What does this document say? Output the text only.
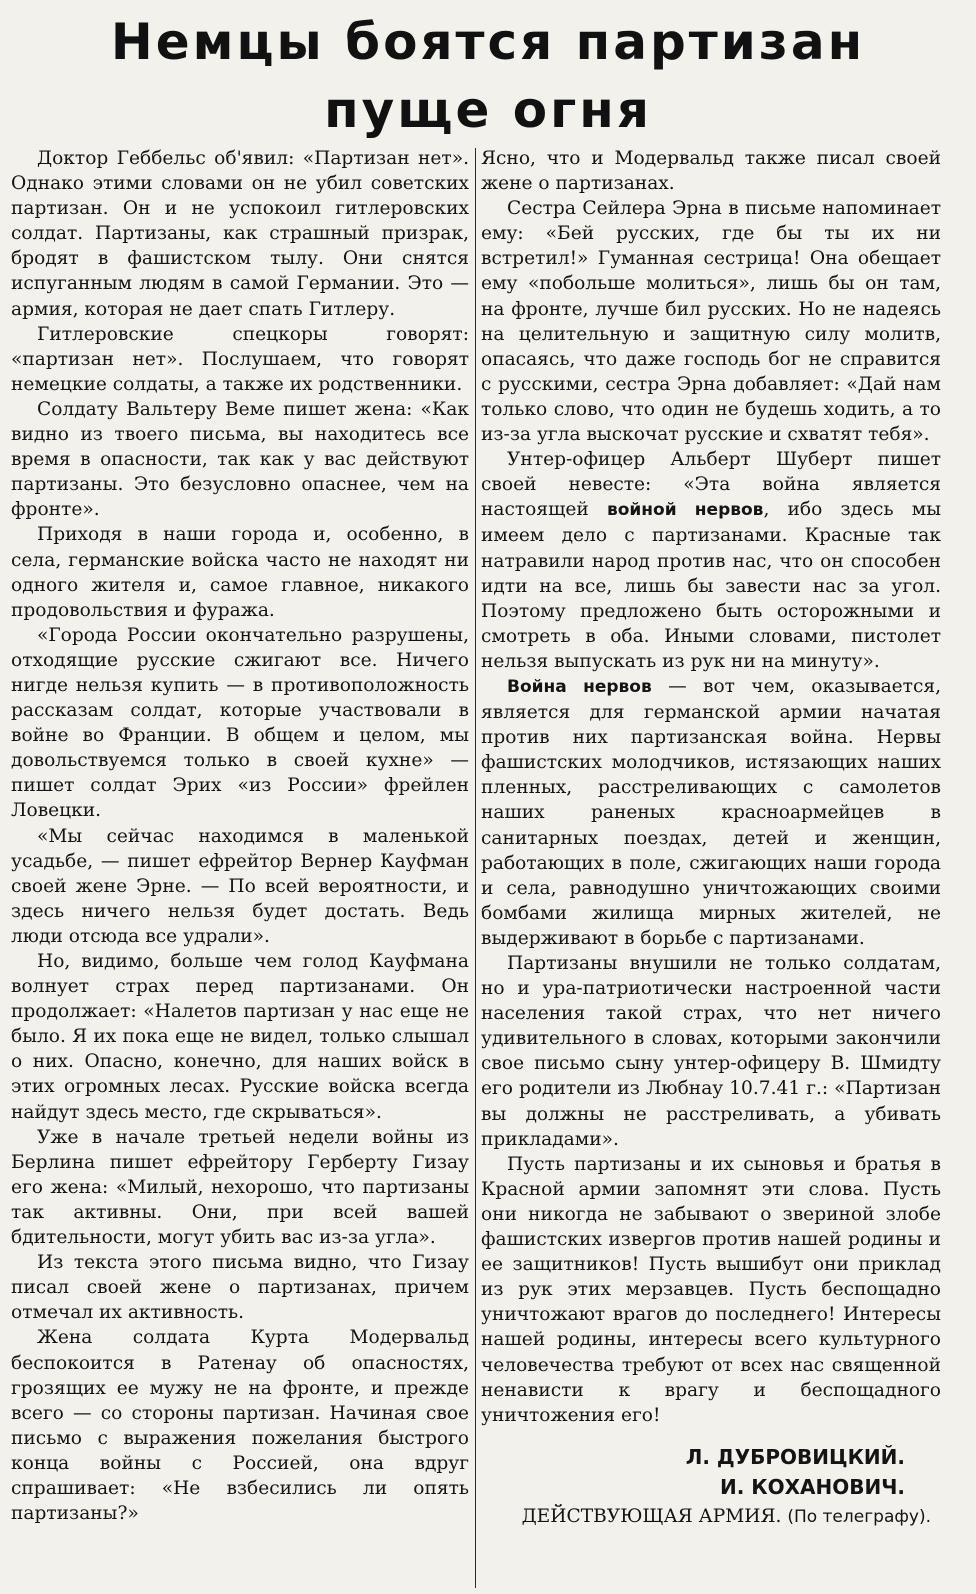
Немцы боятся партизан
пуще огня

Доктор Геббельс об'явил: «Партизан нет». Однако этими словами он не убил советских партизан. Он и не успокоил гитлеровских солдат. Партизаны, как страшный призрак, бродят в фашистском тылу. Они снятся испуганным людям в самой Германии. Это — армия, которая не дает спать Гитлеру.

Гитлеровские спецкоры говорят: «партизан нет». Послушаем, что говорят немецкие солдаты, а также их родственники.

Солдату Вальтеру Веме пишет жена: «Как видно из твоего письма, вы находитесь все время в опасности, так как у вас действуют партизаны. Это безусловно опаснее, чем на фронте».

Приходя в наши города и, особенно, в села, германские войска часто не находят ни одного жителя и, самое главное, никакого продовольствия и фуража.

«Города России окончательно разрушены, отходящие русские сжигают все. Ничего нигде нельзя купить — в противоположность рассказам солдат, которые участвовали в войне во Франции. В общем и целом, мы довольствуемся только в своей кухне» — пишет солдат Эрих «из России» фрейлен Ловецки.

«Мы сейчас находимся в маленькой усадьбе, — пишет ефрейтор Вернер Кауфман своей жене Эрне. — По всей вероятности, и здесь ничего нельзя будет достать. Ведь люди отсюда все удрали».

Но, видимо, больше чем голод Кауфмана волнует страх перед партизанами. Он продолжает: «Налетов партизан у нас еще не было. Я их пока еще не видел, только слышал о них. Опасно, конечно, для наших войск в этих огромных лесах. Русские войска всегда найдут здесь место, где скрываться».

Уже в начале третьей недели войны из Берлина пишет ефрейтору Герберту Гизау его жена: «Милый, нехорошо, что партизаны так активны. Они, при всей вашей бдительности, могут убить вас из-за угла».

Из текста этого письма видно, что Гизау писал своей жене о партизанах, причем отмечал их активность.

Жена солдата Курта Модервальд беспокоится в Ратенау об опасностях, грозящих ее мужу не на фронте, и прежде всего — со стороны партизан. Начиная свое письмо с выражения пожелания быстрого конца войны с Россией, она вдруг спрашивает: «Не взбесились ли опять партизаны?»

Ясно, что и Модервальд также писал своей жене о партизанах.

Сестра Сейлера Эрна в письме напоминает ему: «Бей русских, где бы ты их ни встретил!» Гуманная сестрица! Она обещает ему «побольше молиться», лишь бы он там, на фронте, лучше бил русских. Но не надеясь на целительную и защитную силу молитв, опасаясь, что даже господь бог не справится с русскими, сестра Эрна добавляет: «Дай нам только слово, что один не будешь ходить, а то из-за угла выскочат русские и схватят тебя».

Унтер-офицер Альберт Шуберт пишет своей невесте: «Эта война является настоящей войной нервов, ибо здесь мы имеем дело с партизанами. Красные так натравили народ против нас, что он способен идти на все, лишь бы завести нас за угол. Поэтому предложено быть осторожными и смотреть в оба. Иными словами, пистолет нельзя выпускать из рук ни на минуту».

Война нервов — вот чем, оказывается, является для германской армии начатая против них партизанская война. Нервы фашистских молодчиков, истязающих наших пленных, расстреливающих с самолетов наших раненых красноармейцев в санитарных поездах, детей и женщин, работающих в поле, сжигающих наши города и села, равнодушно уничтожающих своими бомбами жилища мирных жителей, не выдерживают в борьбе с партизанами.

Партизаны внушили не только солдатам, но и ура-патриотически настроенной части населения такой страх, что нет ничего удивительного в словах, которыми закончили свое письмо сыну унтер-офицеру В. Шмидту его родители из Любнау 10.7.41 г.: «Партизан вы должны не расстреливать, а убивать прикладами».

Пусть партизаны и их сыновья и братья в Красной армии запомнят эти слова. Пусть они никогда не забывают о звериной злобе фашистских извергов против нашей родины и ее защитников! Пусть вышибут они приклад из рук этих мерзавцев. Пусть беспощадно уничтожают врагов до последнего! Интересы нашей родины, интересы всего культурного человечества требуют от всех нас священной ненависти к врагу и беспощадного уничтожения его!

Л. ДУБРОВИЦКИЙ.
И. КОХАНОВИЧ.
ДЕЙСТВУЮЩАЯ АРМИЯ. (По телеграфу).
